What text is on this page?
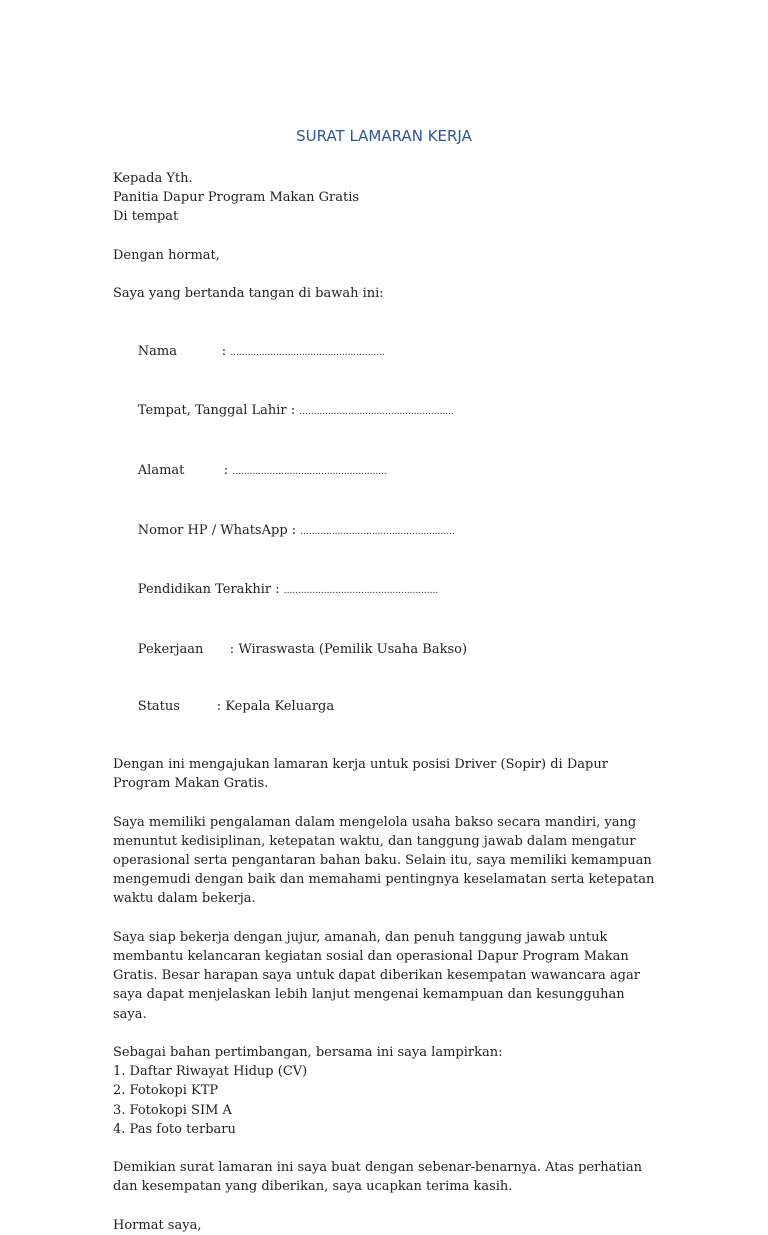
SURAT LAMARAN KERJA
Kepada Yth.
Panitia Dapur Program Makan Gratis
Di tempat
Dengan hormat,
Saya yang bertanda tangan di bawah ini:

Nama	: ......................................................

Tempat, Tanggal Lahir : ......................................................

Alamat	: ......................................................

Nomor HP / WhatsApp : ......................................................

Pendidikan Terakhir : ......................................................

Pekerjaan : Wiraswasta (Pemilik Usaha Bakso)

Status	: Kepala Keluarga

Dengan ini mengajukan lamaran kerja untuk posisi Driver (Sopir) di Dapur Program Makan Gratis.

Saya memiliki pengalaman dalam mengelola usaha bakso secara mandiri, yang menuntut kedisiplinan, ketepatan waktu, dan tanggung jawab dalam mengatur operasional serta pengantaran bahan baku. Selain itu, saya memiliki kemampuan mengemudi dengan baik dan memahami pentingnya keselamatan serta ketepatan waktu dalam bekerja.

Saya siap bekerja dengan jujur, amanah, dan penuh tanggung jawab untuk membantu kelancaran kegiatan sosial dan operasional Dapur Program Makan Gratis. Besar harapan saya untuk dapat diberikan kesempatan wawancara agar saya dapat menjelaskan lebih lanjut mengenai kemampuan dan kesungguhan saya.

Sebagai bahan pertimbangan, bersama ini saya lampirkan:
1. Daftar Riwayat Hidup (CV)
2. Fotokopi KTP
3. Fotokopi SIM A
4. Pas foto terbaru

Demikian surat lamaran ini saya buat dengan sebenar-benarnya. Atas perhatian dan kesempatan yang diberikan, saya ucapkan terima kasih.

Hormat saya,
